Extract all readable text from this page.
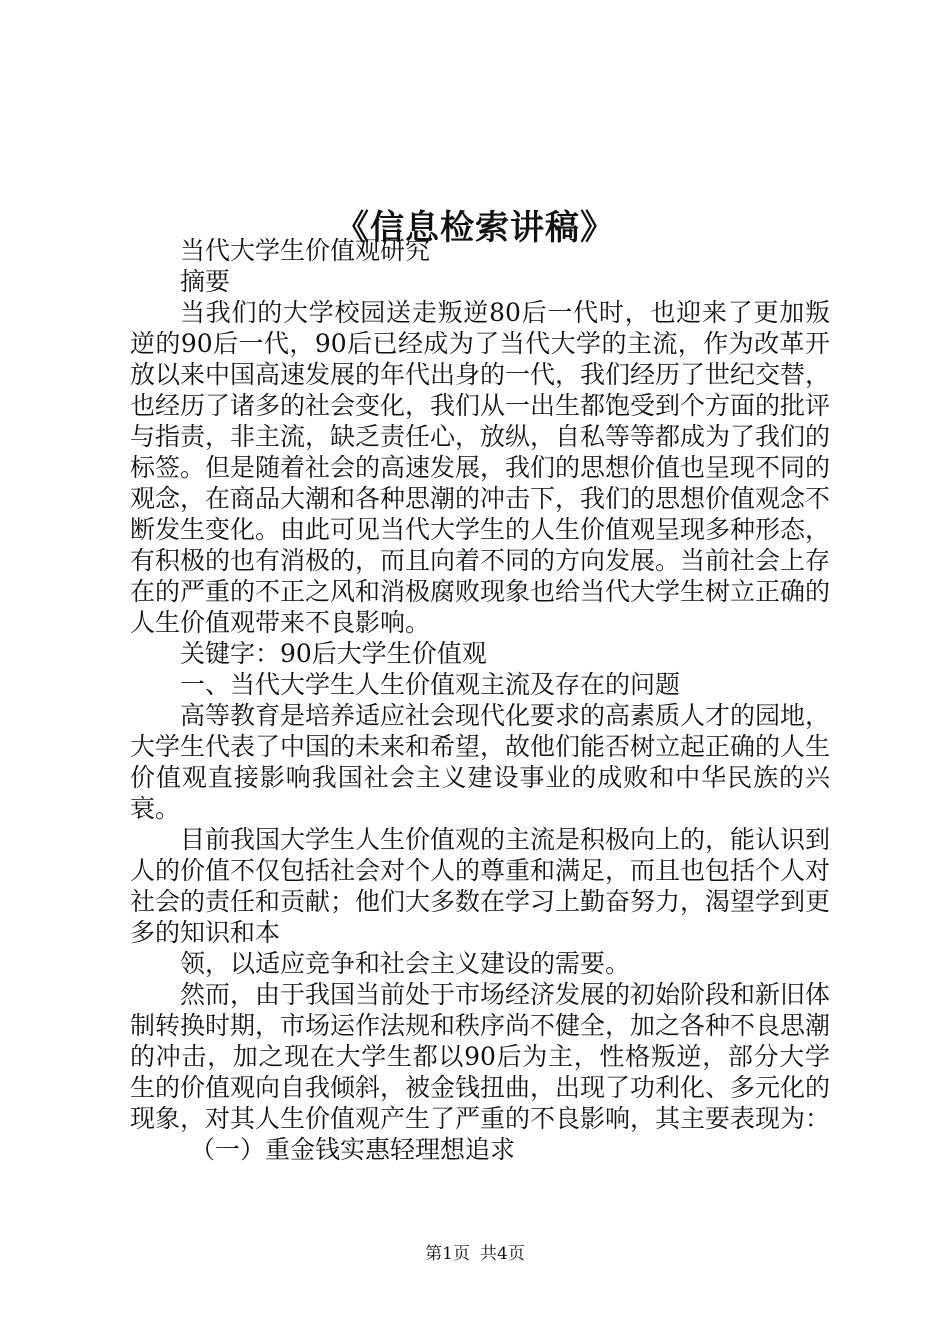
《信息检索讲稿》

当代大学生价值观研究

摘要

当我们的大学校园送走叛逆80后一代时，也迎来了更加叛逆的90后一代，90后已经成为了当代大学的主流，作为改革开放以来中国高速发展的年代出身的一代，我们经历了世纪交替，也经历了诸多的社会变化，我们从一出生都饱受到个方面的批评与指责，非主流，缺乏责任心，放纵，自私等等都成为了我们的标签。但是随着社会的高速发展，我们的思想价值也呈现不同的观念，在商品大潮和各种思潮的冲击下，我们的思想价值观念不断发生变化。由此可见当代大学生的人生价值观呈现多种形态，有积极的也有消极的，而且向着不同的方向发展。当前社会上存在的严重的不正之风和消极腐败现象也给当代大学生树立正确的人生价值观带来不良影响。

关键字：90后大学生价值观

一、当代大学生人生价值观主流及存在的问题

高等教育是培养适应社会现代化要求的高素质人才的园地，大学生代表了中国的未来和希望，故他们能否树立起正确的人生价值观直接影响我国社会主义建设事业的成败和中华民族的兴衰。

目前我国大学生人生价值观的主流是积极向上的，能认识到人的价值不仅包括社会对个人的尊重和满足，而且也包括个人对社会的责任和贡献；他们大多数在学习上勤奋努力，渴望学到更多的知识和本

领，以适应竞争和社会主义建设的需要。

然而，由于我国当前处于市场经济发展的初始阶段和新旧体制转换时期，市场运作法规和秩序尚不健全，加之各种不良思潮的冲击，加之现在大学生都以90后为主，性格叛逆，部分大学生的价值观向自我倾斜，被金钱扭曲，出现了功利化、多元化的现象，对其人生价值观产生了严重的不良影响，其主要表现为：

（一）重金钱实惠轻理想追求

第1页 共4页
